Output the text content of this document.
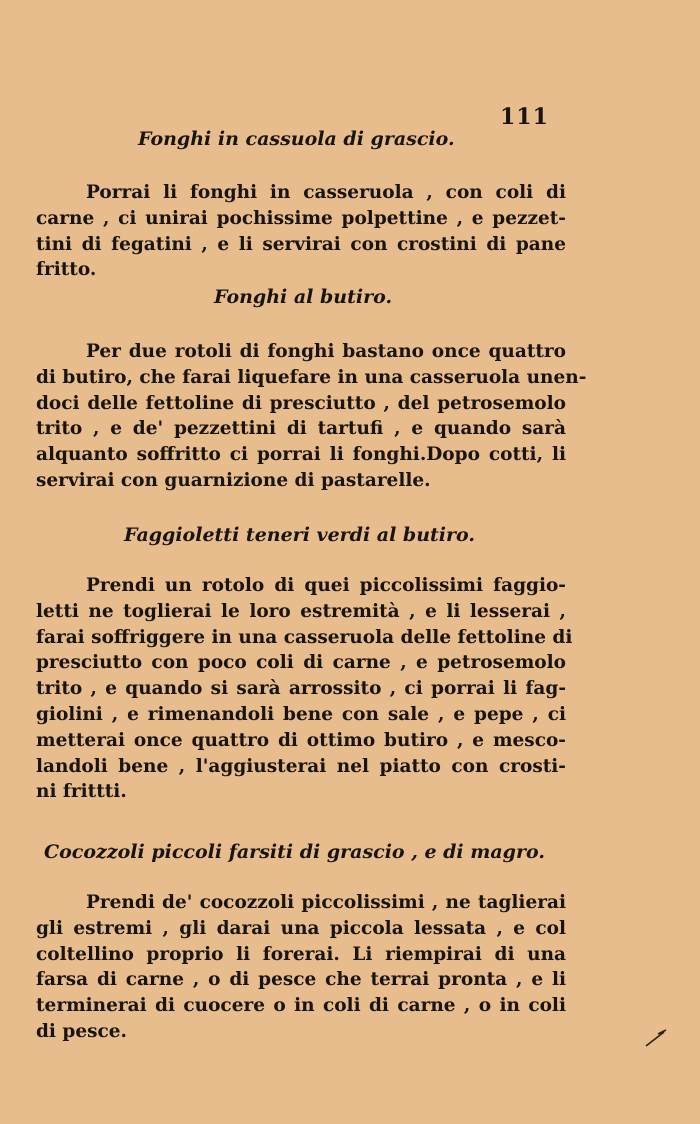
111
Fonghi in cassuola di grascio.
Porrai li fonghi in casseruola , con coli di
carne , ci unirai pochissime polpettine , e pezzet-
tini di fegatini , e li servirai con crostini di pane
fritto.
Fonghi al butiro.
Per due rotoli di fonghi bastano once quattro
di butiro, che farai liquefare in una casseruola unen-
doci delle fettoline di presciutto , del petrosemolo
trito , e de' pezzettini di tartufi , e quando sarà
alquanto soffritto ci porrai li fonghi.Dopo cotti, li
servirai con guarnizione di pastarelle.
Faggioletti teneri verdi al butiro.
Prendi un rotolo di quei piccolissimi faggio-
letti ne toglierai le loro estremità , e li lesserai ,
farai soffriggere in una casseruola delle fettoline di
presciutto con poco coli di carne , e petrosemolo
trito , e quando si sarà arrossito , ci porrai li fag-
giolini , e rimenandoli bene con sale , e pepe , ci
metterai once quattro di ottimo butiro , e mesco-
landoli bene , l'aggiusterai nel piatto con crosti-
ni frittti.
Cocozzoli piccoli farsiti di grascio , e di magro.
Prendi de' cocozzoli piccolissimi , ne taglierai
gli estremi , gli darai una piccola lessata , e col
coltellino proprio li forerai. Li riempirai di una
farsa di carne , o di pesce che terrai pronta , e li
terminerai di cuocere o in coli di carne , o in coli
di pesce.
